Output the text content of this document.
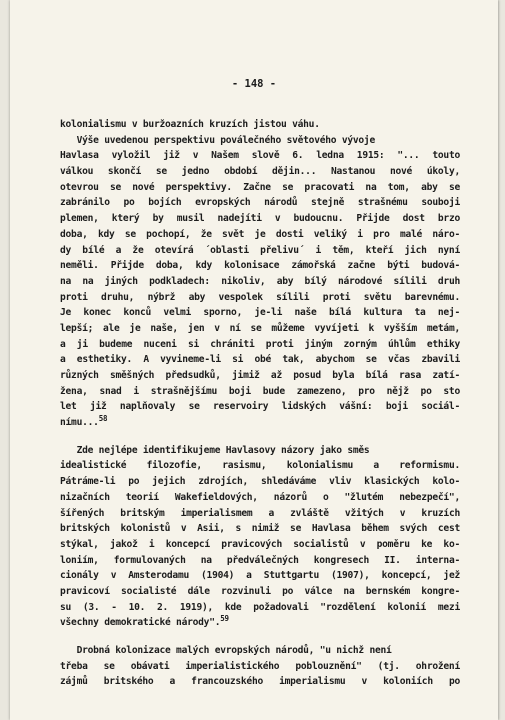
- 148 -
kolonialismu v buržoazních kruzích jistou váhu.
Výše uvedenou perspektivu poválečného světového vývoje
Havlasa vyložil již v Našem slově 6. ledna 1915: "... touto
válkou skončí se jedno období dějin... Nastanou nové úkoly,
otevrou se nové perspektivy. Začne se pracovati na tom, aby se
zabránilo po bojích evropských národů stejně strašnému souboji
plemen, který by musil nadejíti v budoucnu. Přijde dost brzo
doba, kdy se pochopí, že svět je dosti veliký i pro malé náro-
dy bílé a že otevírá ´oblasti přelivu´ i těm, kteří jich nyní
neměli. Přijde doba, kdy kolonisace zámořská začne býti budová-
na na jiných podkladech: nikoliv, aby bílý národové sílili druh
proti druhu, nýbrž aby vespolek sílili proti světu barevnému.
Je konec konců velmi sporno, je-li naše bílá kultura ta nej-
lepší; ale je naše, jen v ní se můžeme vyvíjeti k vyšším metám,
a ji budeme nuceni si chrániti proti jiným zorným úhlům ethiky
a esthetiky. A vyvineme-li si obé tak, abychom se včas zbavili
různých směšných předsudků, jimiž až posud byla bílá rasa zatí-
žena, snad i strašnějšímu boji bude zamezeno, pro nějž po sto
let již naplňovaly se reservoiry lidských vášní: boji sociál-
nímu...$^{58}$
Zde nejlépe identifikujeme Havlasovy názory jako směs
idealistické filozofie, rasismu, kolonialismu a reformismu.
Pátráme-li po jejich zdrojích, shledáváme vliv klasických kolo-
nizačních teorií Wakefieldových, názorů o "žlutém nebezpečí",
šířených britským imperialismem a zvláště vžitých v kruzích
britských kolonistů v Asii, s nimiž se Havlasa během svých cest
stýkal, jakož i koncepcí pravicových socialistů v poměru ke ko-
loniím, formulovaných na předválečných kongresech II. interna-
cionály v Amsterodamu (1904) a Stuttgartu (1907), koncepcí, jež
pravicoví socialisté dále rozvinuli po válce na bernském kongre-
su (3. - 10. 2. 1919), kde požadovali "rozdělení kolonií mezi
všechny demokratické národy".$^{59}$
Drobná kolonizace malých evropských národů, "u nichž není
třeba se obávati imperialistického poblouznění" (tj. ohrožení
zájmů britského a francouzského imperialismu v koloniích po
